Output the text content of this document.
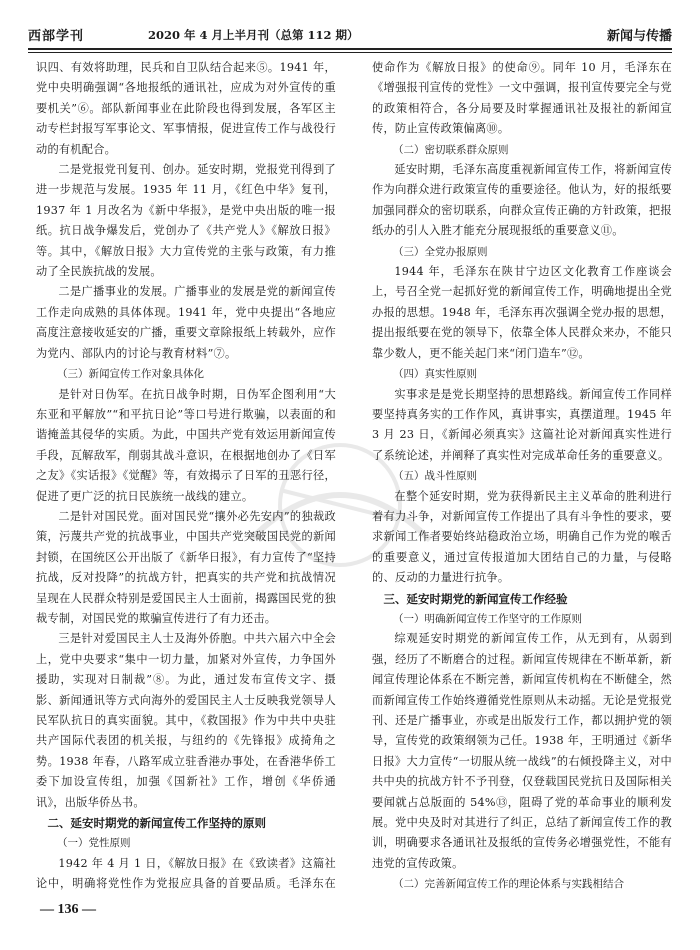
西部学刊	2020 年 4 月上半月刊（总第 112 期）	新闻与传播

识四、有效将助理，民兵和自卫队结合起来⑤。1941 年，党中央明确强调“各地报纸的通讯社，应成为对外宣传的重要机关”⑥。部队新闻事业在此阶段也得到发展，各军区主动专栏封报写军事论文、军事情报，促进宣传工作与战役行动的有机配合。

二是党报党刊复刊、创办。延安时期，党报党刊得到了进一步规范与发展。1935 年 11 月，《红色中华》复刊，1937 年 1 月改名为《新中华报》，是党中央出版的唯一报纸。抗日战争爆发后，党创办了《共产党人》《解放日报》等。其中，《解放日报》大力宣传党的主张与政策，有力推动了全民族抗战的发展。

二是广播事业的发展。广播事业的发展是党的新闻宣传工作走向成熟的具体体现。1941 年，党中央提出“各地应高度注意接收延安的广播，重要文章除报纸上转载外，应作为党内、部队内的讨论与教育材料”⑦。

（三）新闻宣传工作对象具体化

是针对日伪军。在抗日战争时期，日伪军企图利用“大东亚和平解放”“和平抗日论”等口号进行欺骗，以表面的和谐掩盖其侵华的实质。为此，中国共产党有效运用新闻宣传手段，瓦解敌军，削弱其战斗意识，在根据地创办了《日军之友》《实话报》《觉醒》等，有效揭示了日军的丑恶行径，促进了更广泛的抗日民族统一战线的建立。

二是针对国民党。面对国民党“攘外必先安内”的独裁政策，污蔑共产党的抗战事业，中国共产党突破国民党的新闻封锁，在国统区公开出版了《新华日报》，有力宣传了“坚持抗战，反对投降”的抗战方针，把真实的共产党和抗战情况呈现在人民群众特别是爱国民主人士面前，揭露国民党的独裁专制，对国民党的欺骗宣传进行了有力还击。

三是针对爱国民主人士及海外侨胞。中共六届六中全会上，党中央要求“集中一切力量，加紧对外宣传，力争国外援助，实现对日制裁”⑧。为此，通过发布宣传文字、摄影、新闻通讯等方式向海外的爱国民主人士反映我党领导人民军队抗日的真实面貌。其中，《救国报》作为中共中央驻共产国际代表团的机关报，与纽约的《先锋报》成掎角之势。1938 年春，八路军成立驻香港办事处，在香港华侨工委下加设宣传组，加强《国新社》工作，增创《华侨通讯》，出版华侨丛书。

二、延安时期党的新闻宣传工作坚持的原则
（一）党性原则

1942 年 4 月 1 日，《解放日报》在《致读者》这篇社论中，明确将党性作为党报应具备的首要品质。毛泽东在

使命作为《解放日报》的使命⑨。同年 10 月，毛泽东在《增强报刊宣传的党性》一文中强调，报刊宣传要完全与党的政策相符合，各分局要及时掌握通讯社及报社的新闻宣传，防止宣传政策偏离⑩。

（二）密切联系群众原则

延安时期，毛泽东高度重视新闻宣传工作，将新闻宣传作为向群众进行政策宣传的重要途径。他认为，好的报纸要加强同群众的密切联系，向群众宣传正确的方针政策，把报纸办的引人入胜才能充分展现报纸的重要意义⑪。

（三）全党办报原则

1944 年，毛泽东在陕甘宁边区文化教育工作座谈会上，号召全党一起抓好党的新闻宣传工作，明确地提出全党办报的思想。1948 年，毛泽东再次强调全党办报的思想，提出报纸要在党的领导下，依靠全体人民群众来办，不能只靠少数人，更不能关起门来“闭门造车”⑫。

（四）真实性原则

实事求是是党长期坚持的思想路线。新闻宣传工作同样要坚持真务实的工作作风，真讲事实，真摆道理。1945 年 3 月 23 日，《新闻必须真实》这篇社论对新闻真实性进行了系统论述，并阐释了真实性对完成革命任务的重要意义。

（五）战斗性原则

在整个延安时期，党为获得新民主主义革命的胜利进行着有力斗争，对新闻宣传工作提出了具有斗争性的要求，要求新闻工作者要始终站稳政治立场，明确自己作为党的喉舌的重要意义，通过宣传报道加大团结自己的力量，与侵略的、反动的力量进行抗争。

三、延安时期党的新闻宣传工作经验
（一）明确新闻宣传工作坚守的工作原则

综观延安时期党的新闻宣传工作，从无到有，从弱到强，经历了不断磨合的过程。新闻宣传规律在不断革新，新闻宣传理论体系在不断完善，新闻宣传机构在不断健全，然而新闻宣传工作始终遵循党性原则从未动摇。无论是党报党刊、还是广播事业，亦或是出版发行工作，都以拥护党的领导，宣传党的政策纲领为己任。1938 年，王明通过《新华日报》大力宣传“一切服从统一战线”的右倾投降主义，对中共中央的抗战方针不予刊登，仅登载国民党抗日及国际相关要闻就占总版面的 54%⑬，阻碍了党的革命事业的顺利发展。党中央及时对其进行了纠正，总结了新闻宣传工作的教训，明确要求各通讯社及报纸的宣传务必增强党性，不能有违党的宣传政策。

（二）完善新闻宣传工作的理论体系与实践相结合

— 136 —
